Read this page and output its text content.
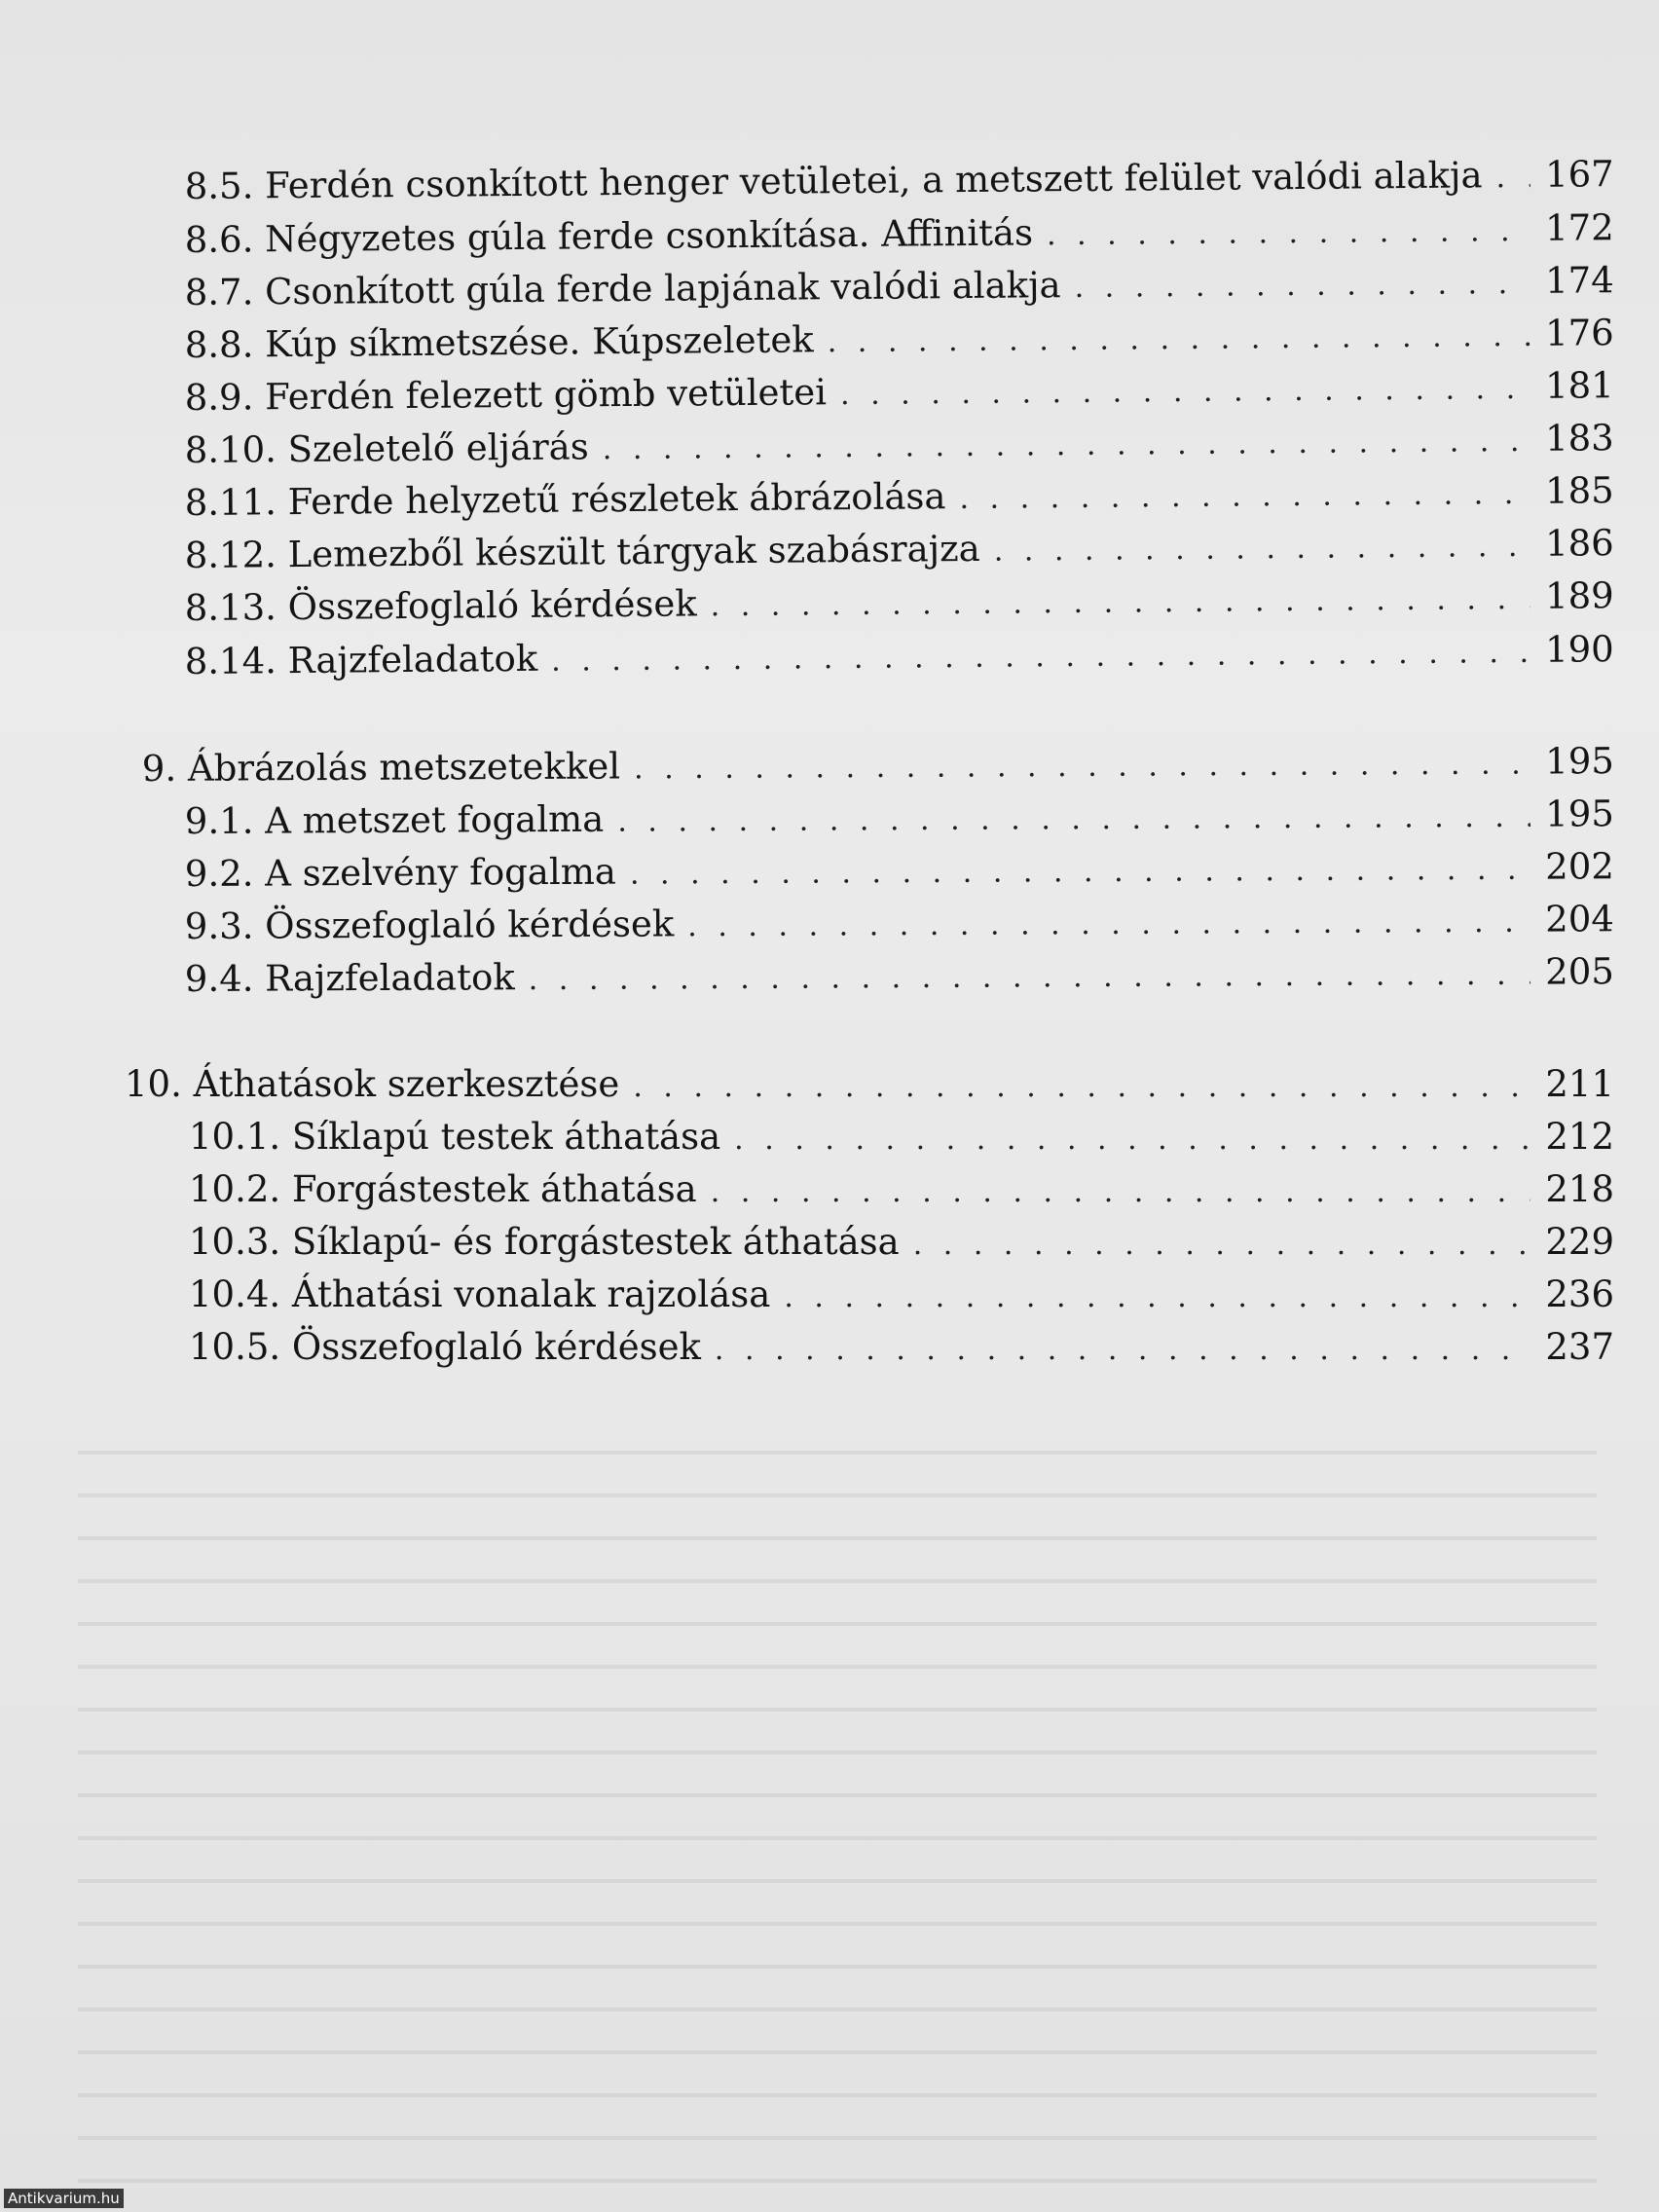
8.5. Ferdén csonkított henger vetületei, a metszett felület valódi alakja . . . 167
8.6. Négyzetes gúla ferde csonkítása. Affinitás . . .	172
8.7. Csonkított gúla ferde lapjának valódi alakja . . .	174
8.8. Kúp síkmetszése. Kúpszeletek . . .	176
8.9. Ferdén felezett gömb vetületei . . .	181
8.10. Szeletelő eljárás . . .	183
8.11. Ferde helyzetű részletek ábrázolása . . .	185
8.12. Lemezből készült tárgyak szabásrajza . . .	186
8.13. Összefoglaló kérdések . . .	189
8.14. Rajzfeladatok . . .	190
9. Ábrázolás metszetekkel . . .	195
9.1. A metszet fogalma . . .	195
9.2. A szelvény fogalma . . .	202
9.3. Összefoglaló kérdések . . .	204
9.4. Rajzfeladatok . . .	205
10. Áthatások szerkesztése . . .	211
10.1. Síklapú testek áthatása . . .	212
10.2. Forgástestek áthatása . . .	218
10.3. Síklapú- és forgástestek áthatása . . .	229
10.4. Áthatási vonalak rajzolása . . .	236
10.5. Összefoglaló kérdések . . .	237
Antikvarium.hu
